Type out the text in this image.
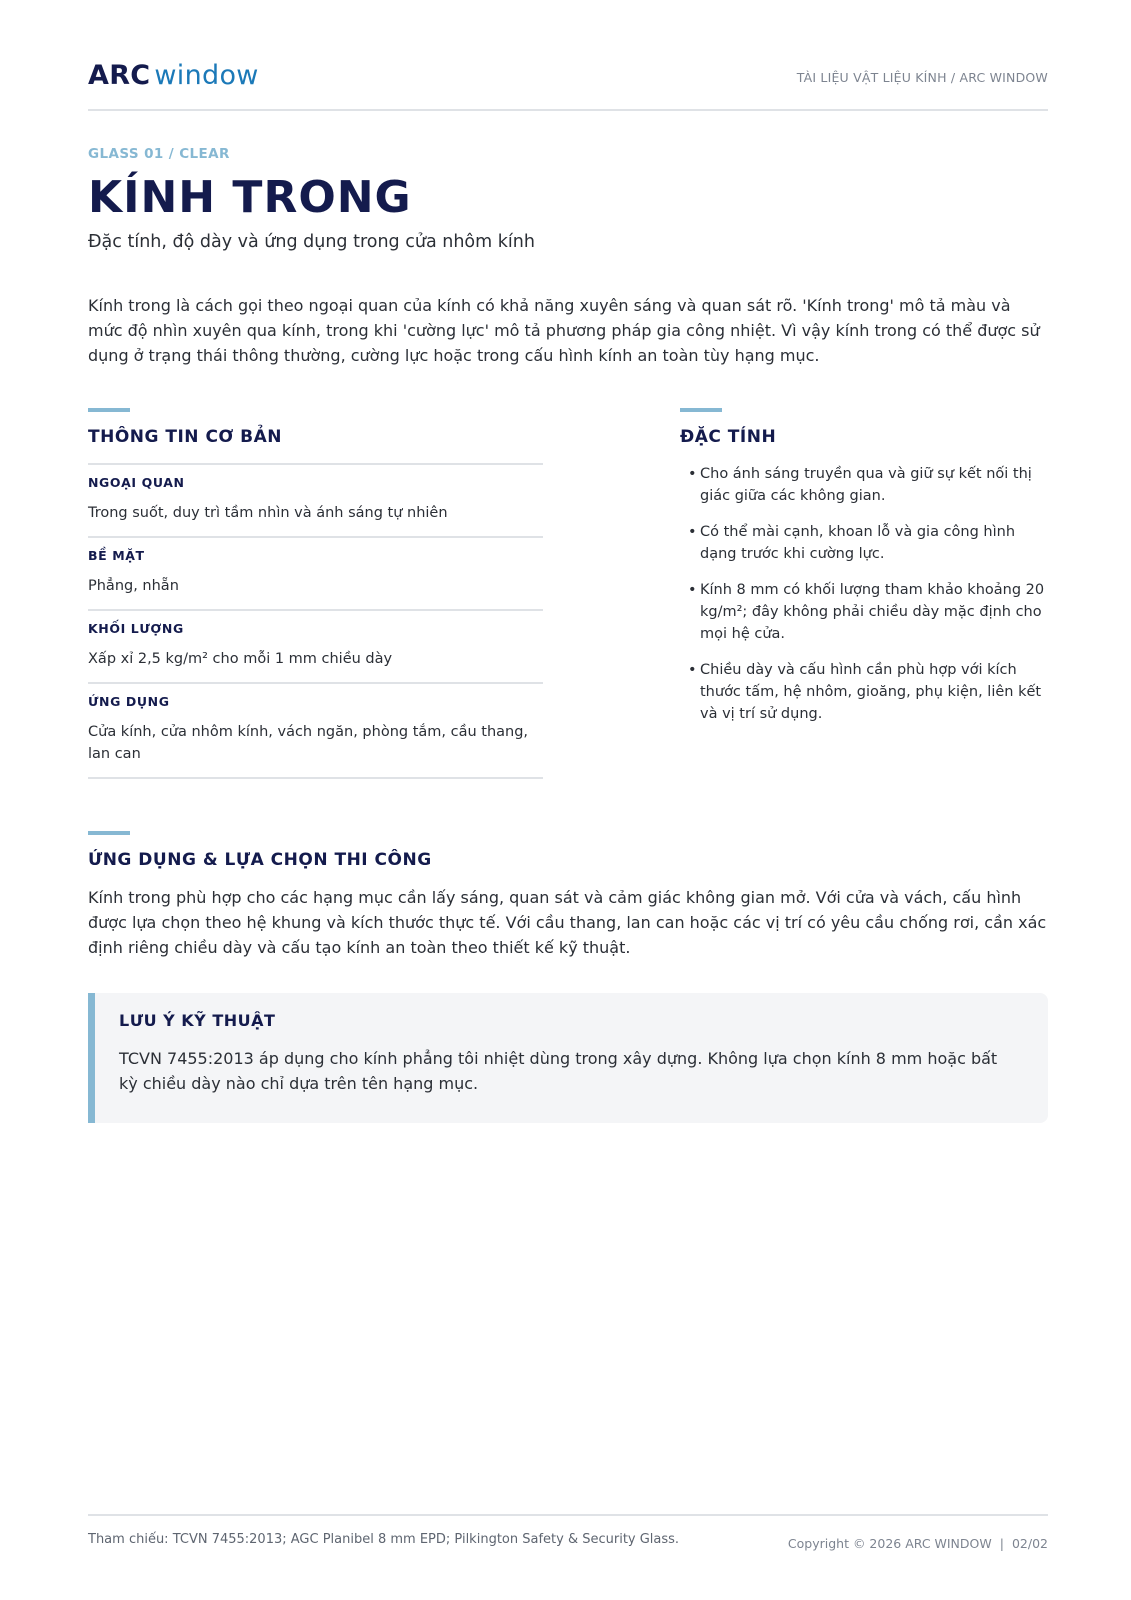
ARC window	TÀI LIỆU VẬT LIỆU KÍNH / ARC WINDOW
GLASS 01 / CLEAR
KÍNH TRONG
Đặc tính, độ dày và ứng dụng trong cửa nhôm kính

Kính trong là cách gọi theo ngoại quan của kính có khả năng xuyên sáng và quan sát rõ. 'Kính trong' mô tả màu và mức độ nhìn xuyên qua kính, trong khi 'cường lực' mô tả phương pháp gia công nhiệt. Vì vậy kính trong có thể được sử dụng ở trạng thái thông thường, cường lực hoặc trong cấu hình kính an toàn tùy hạng mục.

THÔNG TIN CƠ BẢN
NGOẠI QUAN
Trong suốt, duy trì tầm nhìn và ánh sáng tự nhiên
BỀ MẶT
Phẳng, nhẵn
KHỐI LƯỢNG
Xấp xỉ 2,5 kg/m² cho mỗi 1 mm chiều dày
ỨNG DỤNG
Cửa kính, cửa nhôm kính, vách ngăn, phòng tắm, cầu thang, lan can
ĐẶC TÍNH
• Cho ánh sáng truyền qua và giữ sự kết nối thị giác giữa các không gian.
• Có thể mài cạnh, khoan lỗ và gia công hình dạng trước khi cường lực.
• Kính 8 mm có khối lượng tham khảo khoảng 20 kg/m²; đây không phải chiều dày mặc định cho mọi hệ cửa.
• Chiều dày và cấu hình cần phù hợp với kích thước tấm, hệ nhôm, gioăng, phụ kiện, liên kết và vị trí sử dụng.
ỨNG DỤNG & LỰA CHỌN THI CÔNG

Kính trong phù hợp cho các hạng mục cần lấy sáng, quan sát và cảm giác không gian mở. Với cửa và vách, cấu hình được lựa chọn theo hệ khung và kích thước thực tế. Với cầu thang, lan can hoặc các vị trí có yêu cầu chống rơi, cần xác định riêng chiều dày và cấu tạo kính an toàn theo thiết kế kỹ thuật.

LƯU Ý KỸ THUẬT

TCVN 7455:2013 áp dụng cho kính phẳng tôi nhiệt dùng trong xây dựng. Không lựa chọn kính 8 mm hoặc bất kỳ chiều dày nào chỉ dựa trên tên hạng mục.

Tham chiếu: TCVN 7455:2013; AGC Planibel 8 mm EPD; Pilkington Safety & Security Glass.	Copyright © 2026 ARC WINDOW | 02/02
